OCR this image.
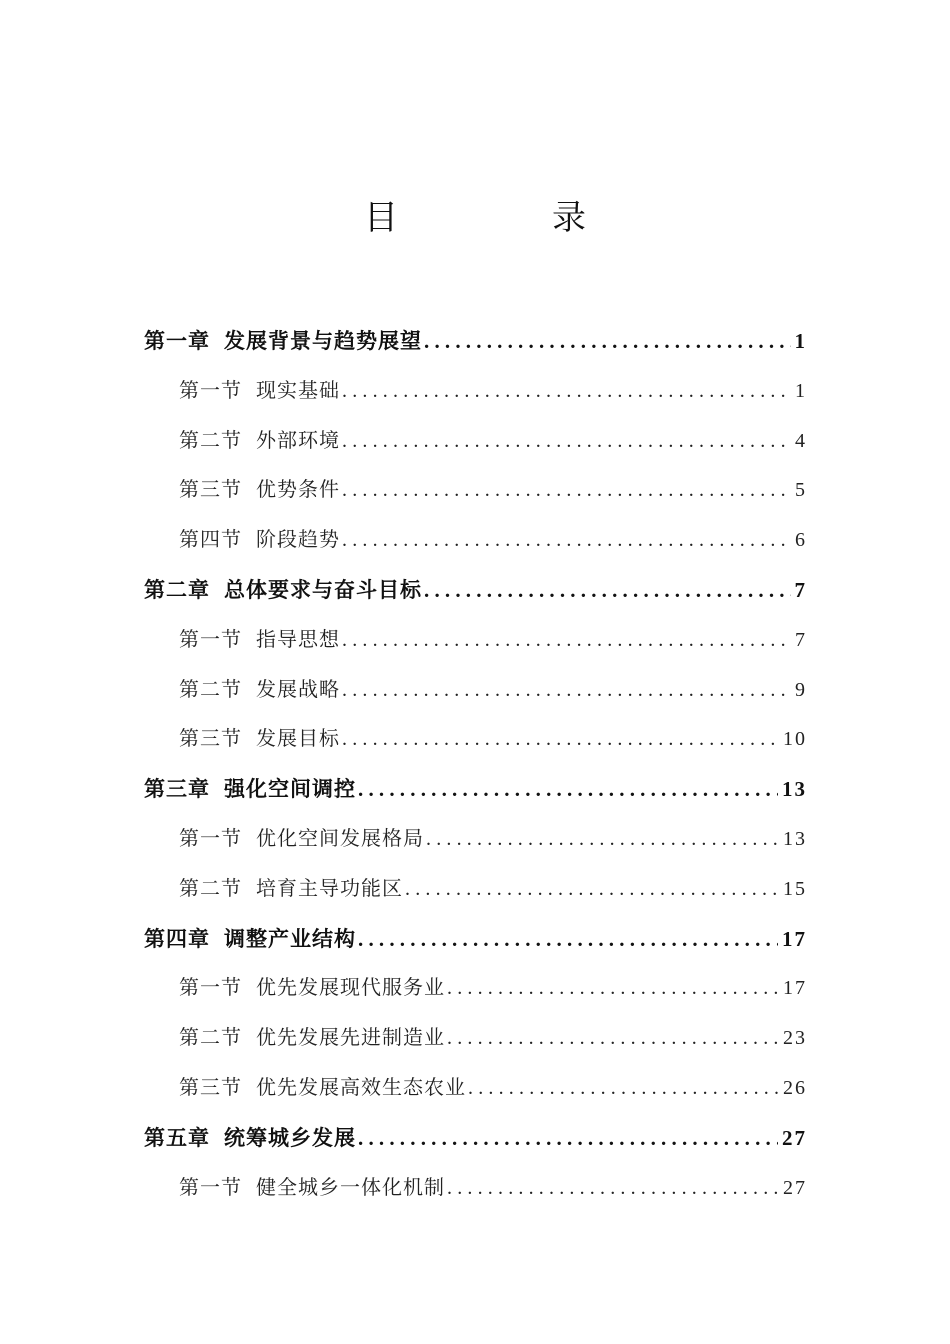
目　录
第一章 发展背景与趋势展望 .....	1
第一节 现实基础 .....	1
第二节 外部环境 .....	4
第三节 优势条件 .....	5
第四节 阶段趋势 .....	6
第二章 总体要求与奋斗目标 .....	7
第一节 指导思想 .....	7
第二节 发展战略 .....	9
第三节 发展目标 .....	10
第三章 强化空间调控 .....	13
第一节 优化空间发展格局 .....	13
第二节 培育主导功能区 .....	15
第四章 调整产业结构 .....	17
第一节 优先发展现代服务业 .....	17
第二节 优先发展先进制造业 .....	23
第三节 优先发展高效生态农业 .....	26
第五章 统筹城乡发展 .....	27
第一节 健全城乡一体化机制 .....	27
